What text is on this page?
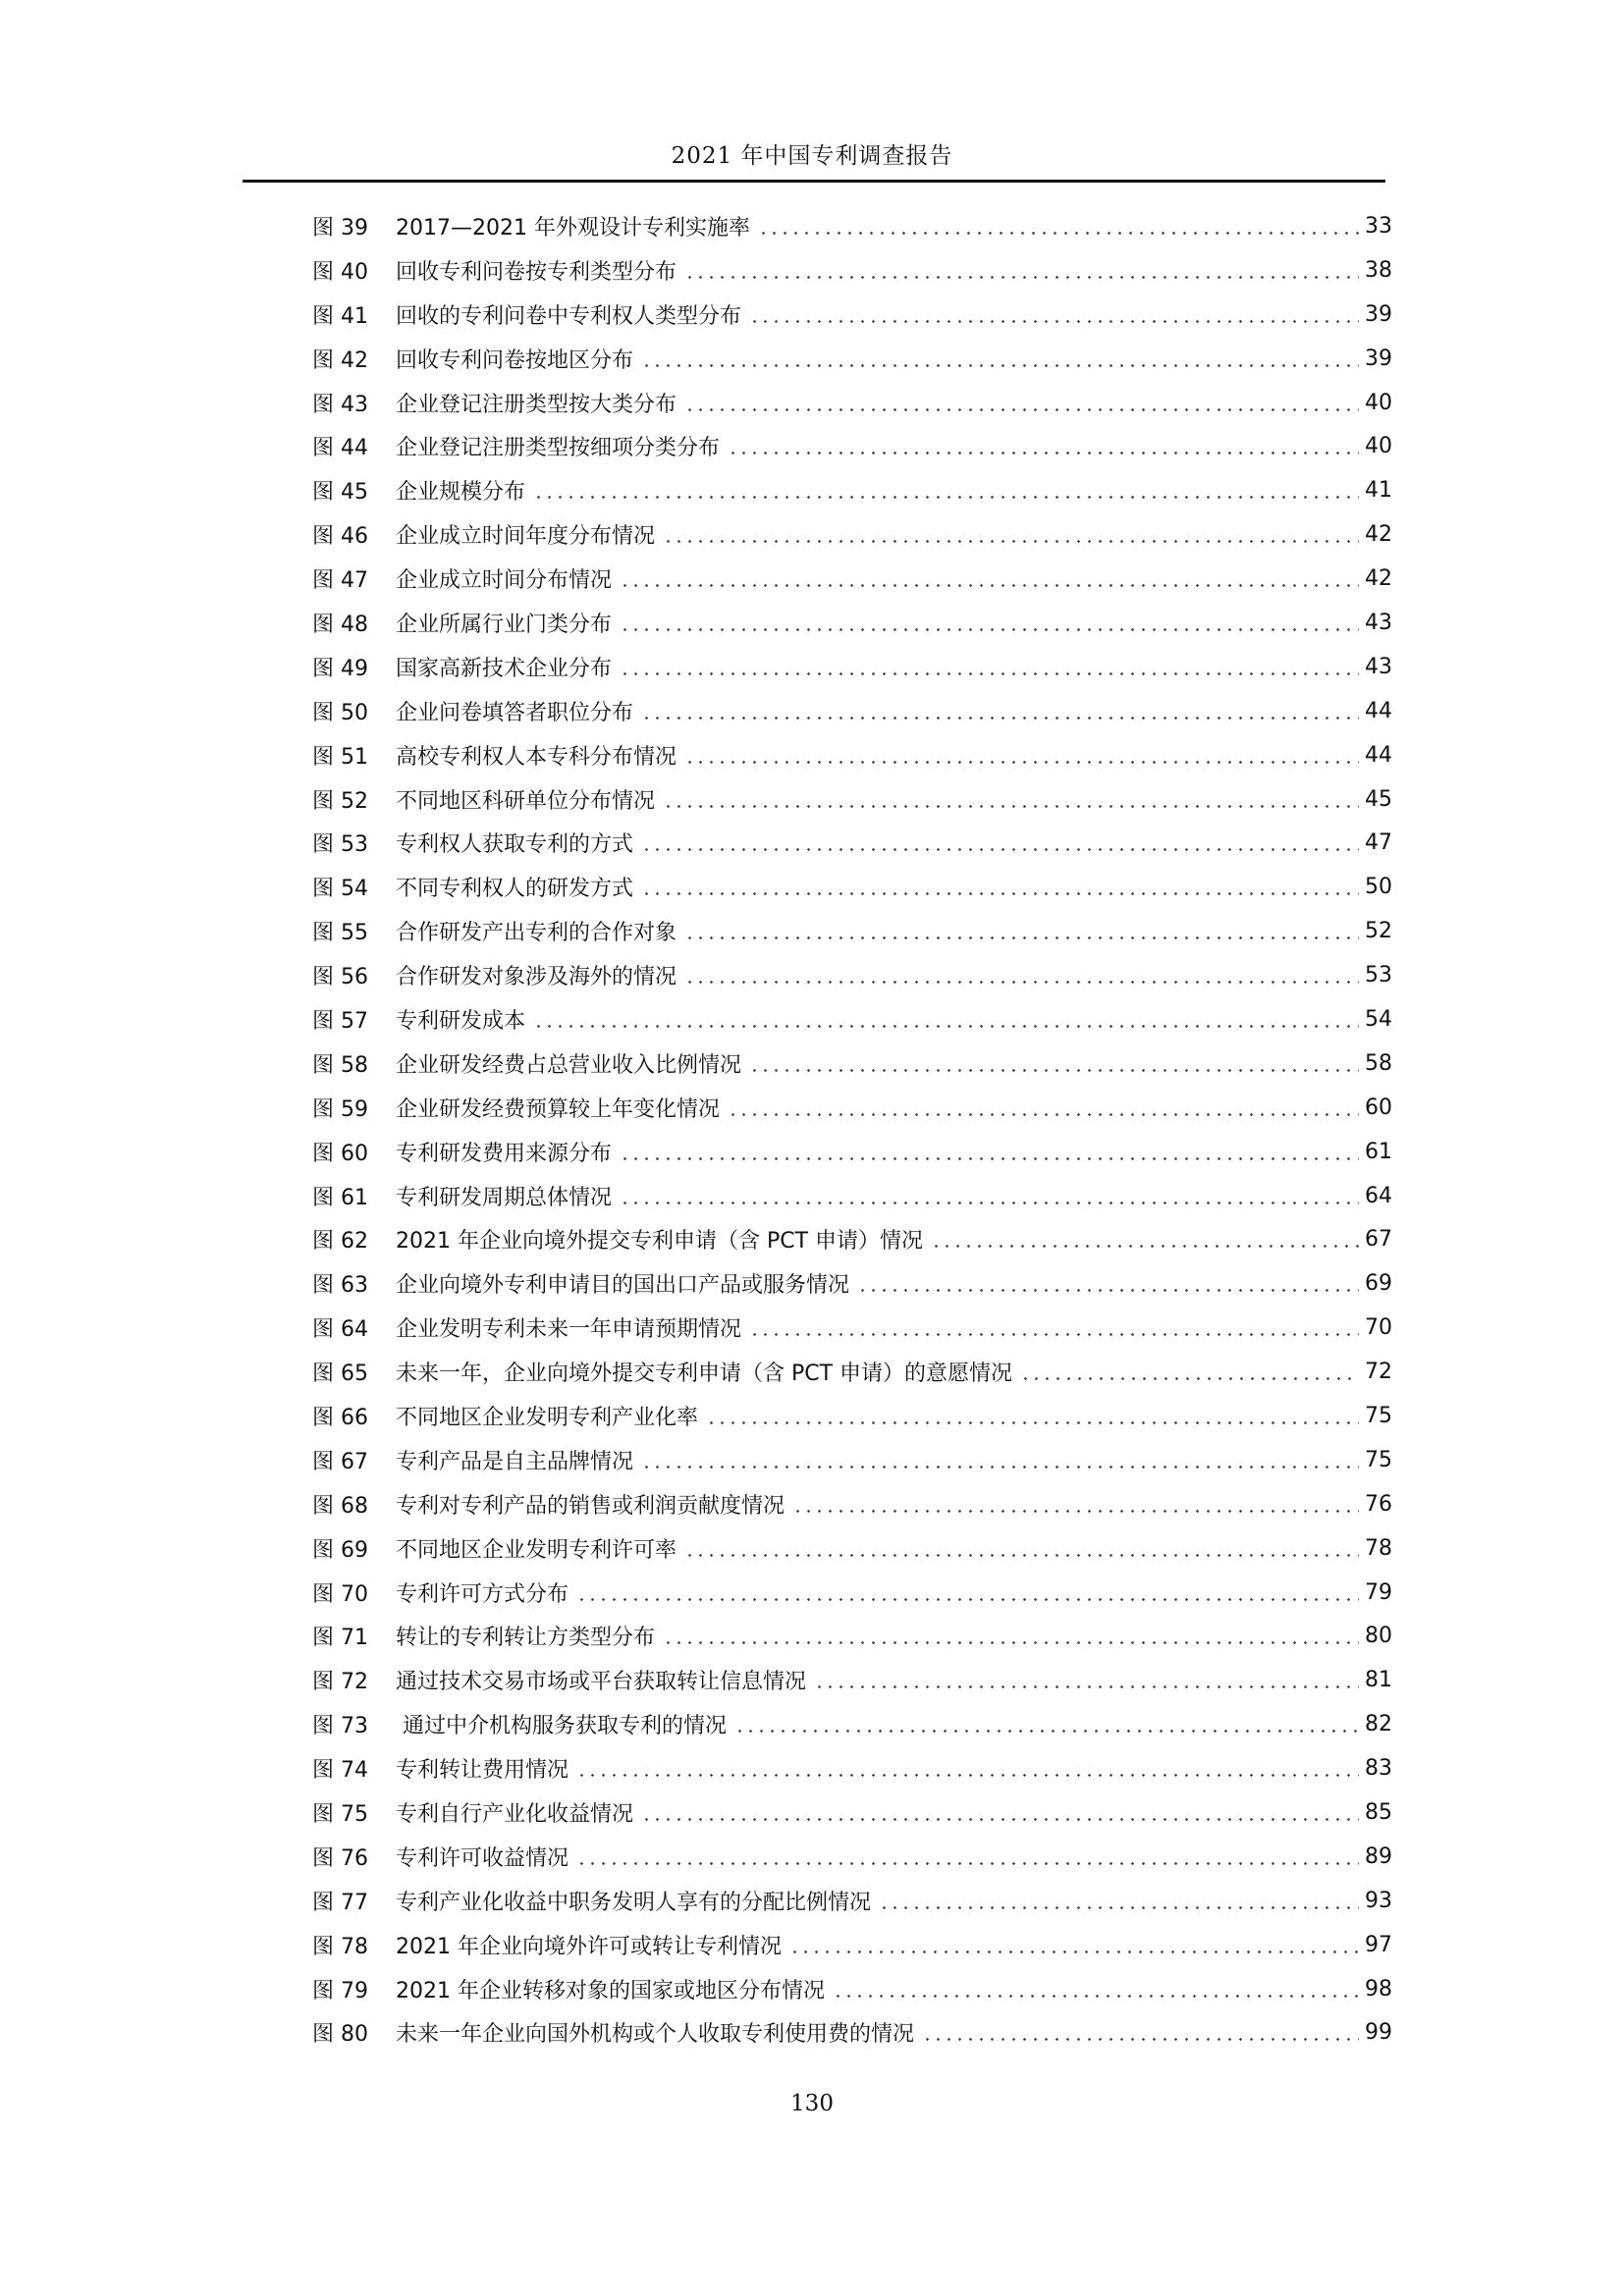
2021 年中国专利调查报告
图 39	2017—2021 年外观设计专利实施率	33
图 40	回收专利问卷按专利类型分布	38
图 41	回收的专利问卷中专利权人类型分布	39
图 42	回收专利问卷按地区分布	39
图 43	企业登记注册类型按大类分布	40
图 44	企业登记注册类型按细项分类分布	40
图 45	企业规模分布	41
图 46	企业成立时间年度分布情况	42
图 47	企业成立时间分布情况	42
图 48	企业所属行业门类分布	43
图 49	国家高新技术企业分布	43
图 50	企业问卷填答者职位分布	44
图 51	高校专利权人本专科分布情况	44
图 52	不同地区科研单位分布情况	45
图 53	专利权人获取专利的方式	47
图 54	不同专利权人的研发方式	50
图 55	合作研发产出专利的合作对象	52
图 56	合作研发对象涉及海外的情况	53
图 57	专利研发成本	54
图 58	企业研发经费占总营业收入比例情况	58
图 59	企业研发经费预算较上年变化情况	60
图 60	专利研发费用来源分布	61
图 61	专利研发周期总体情况	64
图 62	2021 年企业向境外提交专利申请（含 PCT 申请）情况	67
图 63	企业向境外专利申请目的国出口产品或服务情况	69
图 64	企业发明专利未来一年申请预期情况	70
图 65	未来一年，企业向境外提交专利申请（含 PCT 申请）的意愿情况	72
图 66	不同地区企业发明专利产业化率	75
图 67	专利产品是自主品牌情况	75
图 68	专利对专利产品的销售或利润贡献度情况	76
图 69	不同地区企业发明专利许可率	78
图 70	专利许可方式分布	79
图 71	转让的专利转让方类型分布	80
图 72	通过技术交易市场或平台获取转让信息情况	81
图 73	通过中介机构服务获取专利的情况	82
图 74	专利转让费用情况	83
图 75	专利自行产业化收益情况	85
图 76	专利许可收益情况	89
图 77	专利产业化收益中职务发明人享有的分配比例情况	93
图 78	2021 年企业向境外许可或转让专利情况	97
图 79	2021 年企业转移对象的国家或地区分布情况	98
图 80	未来一年企业向国外机构或个人收取专利使用费的情况	99
130
